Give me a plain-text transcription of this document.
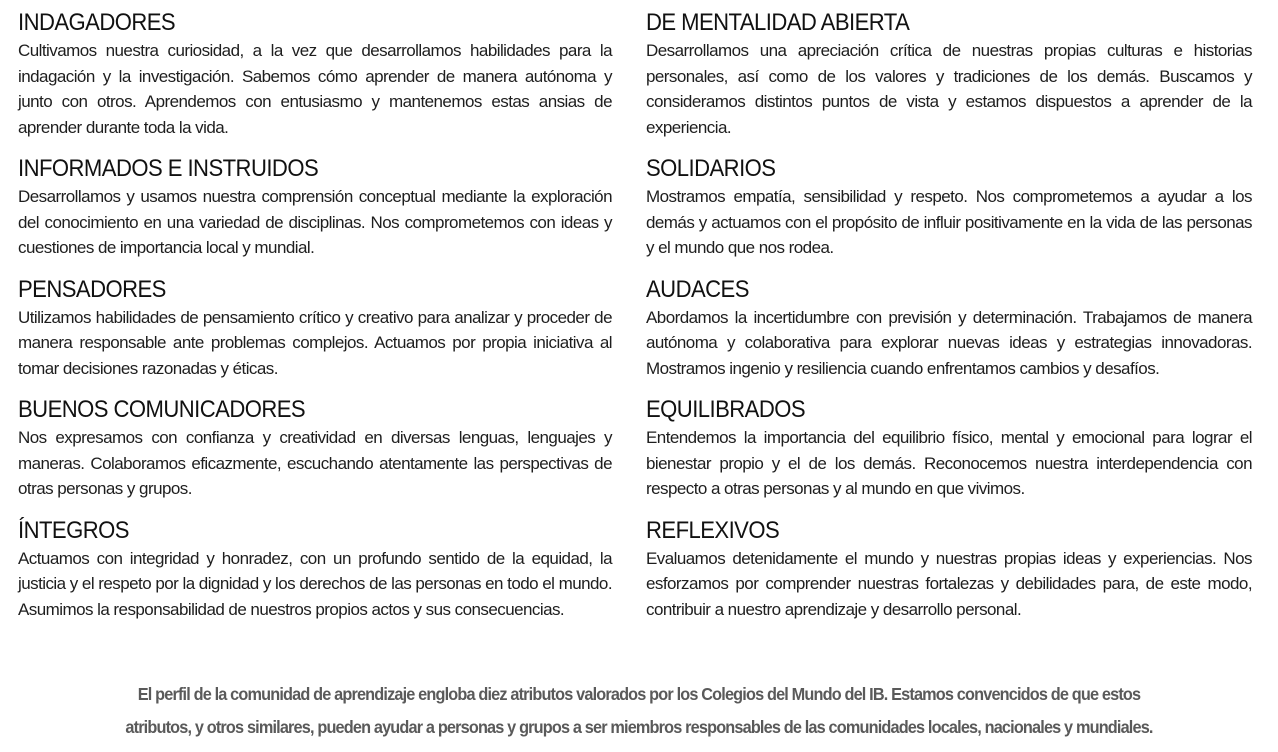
INDAGADORES

Cultivamos nuestra curiosidad, a la vez que desarrollamos habilidades para la indagación y la investigación. Sabemos cómo aprender de manera autónoma y junto con otros. Aprendemos con entusiasmo y mantenemos estas ansias de aprender durante toda la vida.

INFORMADOS E INSTRUIDOS

Desarrollamos y usamos nuestra comprensión conceptual mediante la exploración del conocimiento en una variedad de disciplinas. Nos comprometemos con ideas y cuestiones de importancia local y mundial.

PENSADORES

Utilizamos habilidades de pensamiento crítico y creativo para analizar y proceder de manera responsable ante problemas complejos. Actuamos por propia iniciativa al tomar decisiones razonadas y éticas.

BUENOS COMUNICADORES

Nos expresamos con confianza y creatividad en diversas lenguas, lenguajes y maneras. Colaboramos eficazmente, escuchando atentamente las perspectivas de otras personas y grupos.

ÍNTEGROS

Actuamos con integridad y honradez, con un profundo sentido de la equidad, la justicia y el respeto por la dignidad y los derechos de las personas en todo el mundo. Asumimos la responsabilidad de nuestros propios actos y sus consecuencias.

DE MENTALIDAD ABIERTA

Desarrollamos una apreciación crítica de nuestras propias culturas e historias personales, así como de los valores y tradiciones de los demás. Buscamos y consideramos distintos puntos de vista y estamos dispuestos a aprender de la experiencia.

SOLIDARIOS

Mostramos empatía, sensibilidad y respeto. Nos comprometemos a ayudar a los demás y actuamos con el propósito de influir positivamente en la vida de las personas y el mundo que nos rodea.

AUDACES

Abordamos la incertidumbre con previsión y determinación. Trabajamos de manera autónoma y colaborativa para explorar nuevas ideas y estrategias innovadoras. Mostramos ingenio y resiliencia cuando enfrentamos cambios y desafíos.

EQUILIBRADOS

Entendemos la importancia del equilibrio físico, mental y emocional para lograr el bienestar propio y el de los demás. Reconocemos nuestra interdependencia con respecto a otras personas y al mundo en que vivimos.

REFLEXIVOS

Evaluamos detenidamente el mundo y nuestras propias ideas y experiencias. Nos esforzamos por comprender nuestras fortalezas y debilidades para, de este modo, contribuir a nuestro aprendizaje y desarrollo personal.

El perfil de la comunidad de aprendizaje engloba diez atributos valorados por los Colegios del Mundo del IB. Estamos convencidos de que estos
atributos, y otros similares, pueden ayudar a personas y grupos a ser miembros responsables de las comunidades locales, nacionales y mundiales.
